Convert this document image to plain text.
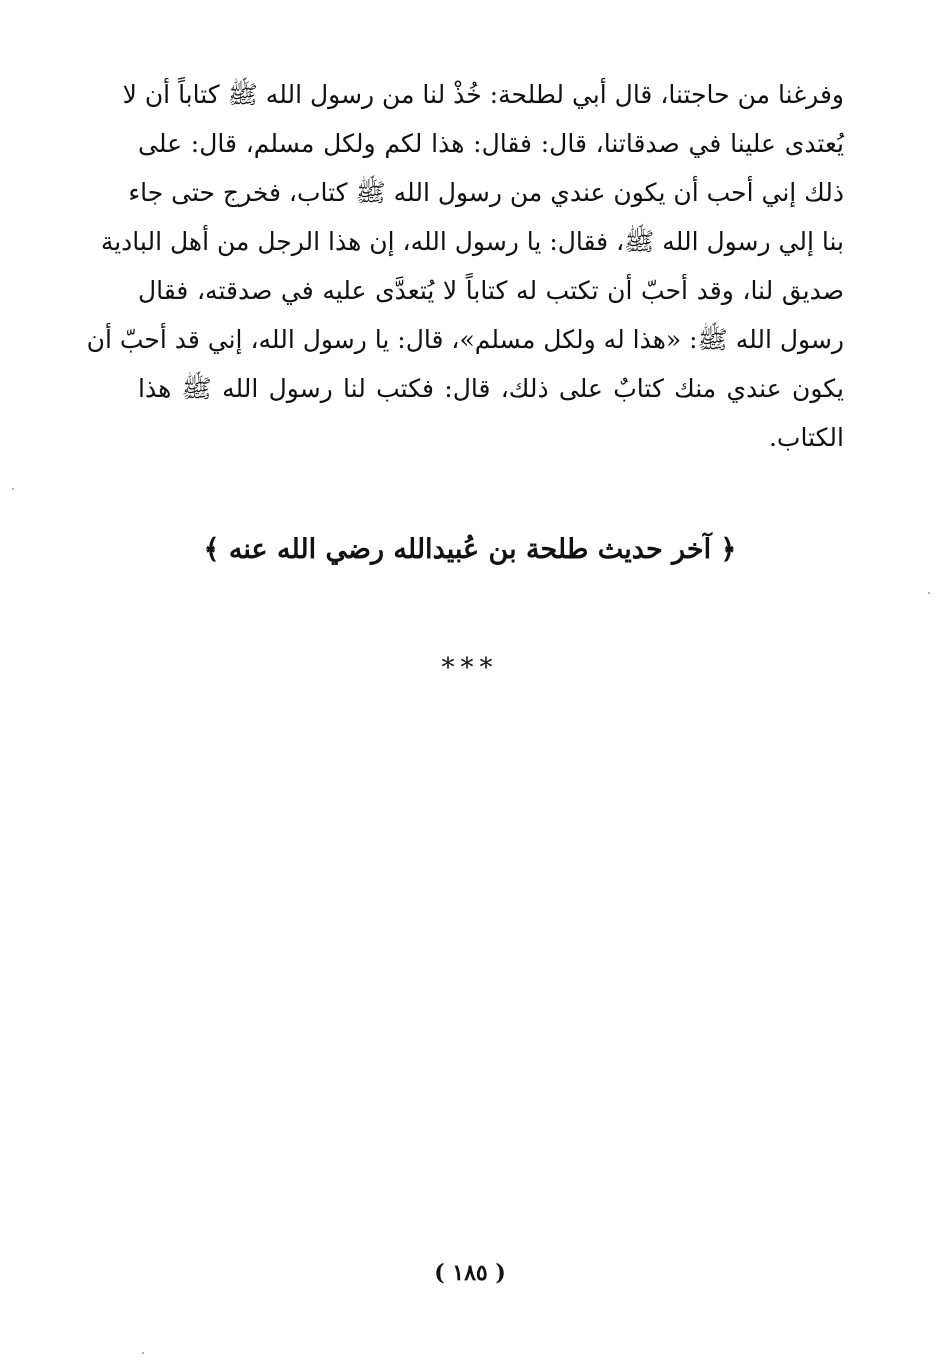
وفرغنا من حاجتنا، قال أبي لطلحة: خُذْ لنا من رسول الله ﷺ كتاباً أن لا
يُعتدى علينا في صدقاتنا، قال: فقال: هذا لكم ولكل مسلم، قال: على
ذلك إني أحب أن يكون عندي من رسول الله ﷺ كتاب، فخرج حتى جاء
بنا إلي رسول الله ﷺ، فقال: يا رسول الله، إن هذا الرجل من أهل البادية
صديق لنا، وقد أحبّ أن تكتب له كتاباً لا يُتعدَّى عليه في صدقته، فقال
رسول الله ﷺ: «هذا له ولكل مسلم»، قال: يا رسول الله، إني قد أحبّ أن
يكون عندي منك كتابٌ على ذلك، قال: فكتب لنا رسول الله ﷺ هذا
الكتاب.
﴿ آخر حديث طلحة بن عُبيدالله رضي الله عنه ﴾
***
( ١٨٥ )
